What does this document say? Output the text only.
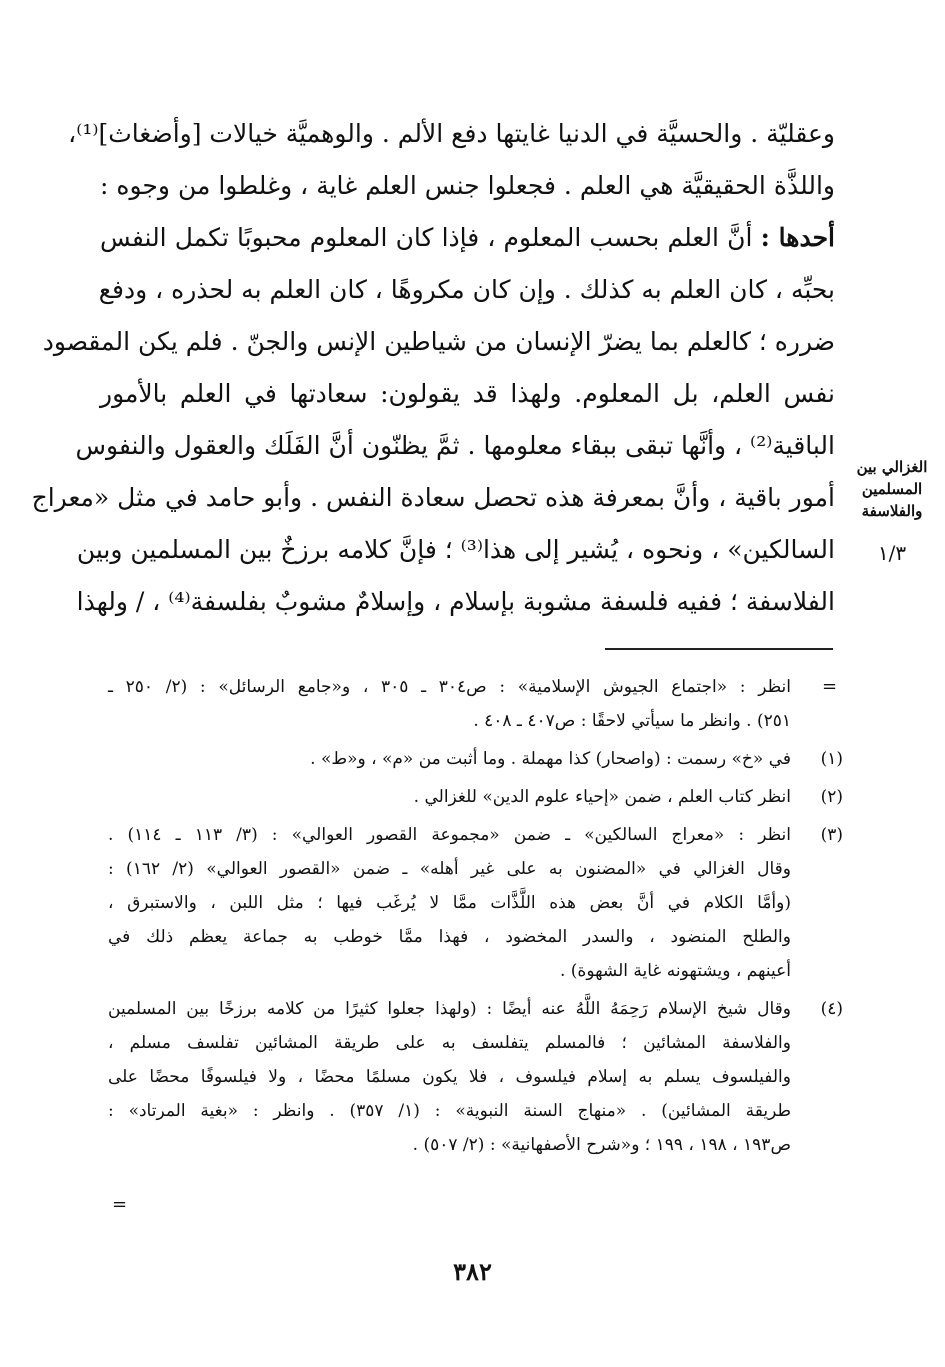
وعقليّة . والحسيَّة في الدنيا غايتها دفع الألم . والوهميَّة خيالات [وأضغاث]⁽¹⁾،
واللذَّة الحقيقيَّة هي العلم . فجعلوا جنس العلم غاية ، وغلطوا من وجوه :
أحدها : أنَّ العلم بحسب المعلوم ، فإذا كان المعلوم محبوبًا تكمل النفس
بحبِّه ، كان العلم به كذلك . وإن كان مكروهًا ، كان العلم به لحذره ، ودفع
ضرره ؛ كالعلم بما يضرّ الإنسان من شياطين الإنس والجنّ . فلم يكن المقصود
نفس العلم، بل المعلوم. ولهذا قد يقولون: سعادتها في العلم بالأمور
الباقية⁽²⁾ ، وأنَّها تبقى ببقاء معلومها . ثمَّ يظنّون أنَّ الفَلَك والعقول والنفوس
أمور باقية ، وأنَّ بمعرفة هذه تحصل سعادة النفس . وأبو حامد في مثل «معراج
السالكين» ، ونحوه ، يُشير إلى هذا⁽³⁾ ؛ فإنَّ كلامه برزخٌ بين المسلمين وبين
الفلاسفة ؛ ففيه فلسفة مشوبة بإسلام ، وإسلامٌ مشوبٌ بفلسفة⁽⁴⁾ ، / ولهذا
الغزالي بين
المسلمين والفلاسفة
١/٣
=
انظر : «اجتماع الجيوش الإسلامية» : ص٣٠٤ ـ ٣٠٥ ، و«جامع الرسائل» : (٢/ ٢٥٠ ـ
٢٥١) . وانظر ما سيأتي لاحقًا : ص٤٠٧ ـ ٤٠٨ .
(١)
في «خ» رسمت : (واصحار) كذا مهملة . وما أثبت من «م» ، و«ط» .
(٢)
انظر كتاب العلم ، ضمن «إحياء علوم الدين» للغزالي .
(٣)
انظر : «معراج السالكين» ـ ضمن «مجموعة القصور العوالي» : (٣/ ١١٣ ـ ١١٤) .
وقال الغزالي في «المضنون به على غير أهله» ـ ضمن «القصور العوالي» (٢/ ١٦٢) :
(وأمَّا الكلام في أنَّ بعض هذه اللَّذَّات ممَّا لا يُرغَب فيها ؛ مثل اللبن ، والاستبرق ،
والطلح المنضود ، والسدر المخضود ، فهذا ممَّا خوطب به جماعة يعظم ذلك في
أعينهم ، ويشتهونه غاية الشهوة) .
(٤)
وقال شيخ الإسلام رَحِمَهُ اللَّهُ عنه أيضًا : (ولهذا جعلوا كثيرًا من كلامه برزخًا بين المسلمين
والفلاسفة المشائين ؛ فالمسلم يتفلسف به على طريقة المشائين تفلسف مسلم ،
والفيلسوف يسلم به إسلام فيلسوف ، فلا يكون مسلمًا محضًا ، ولا فيلسوفًا محضًا على
طريقة المشائين) . «منهاج السنة النبوية» : (١/ ٣٥٧) . وانظر : «بغية المرتاد» :
ص١٩٣ ، ١٩٨ ، ١٩٩ ؛ و«شرح الأصفهانية» : (٢/ ٥٠٧) .
=
٣٨٢
